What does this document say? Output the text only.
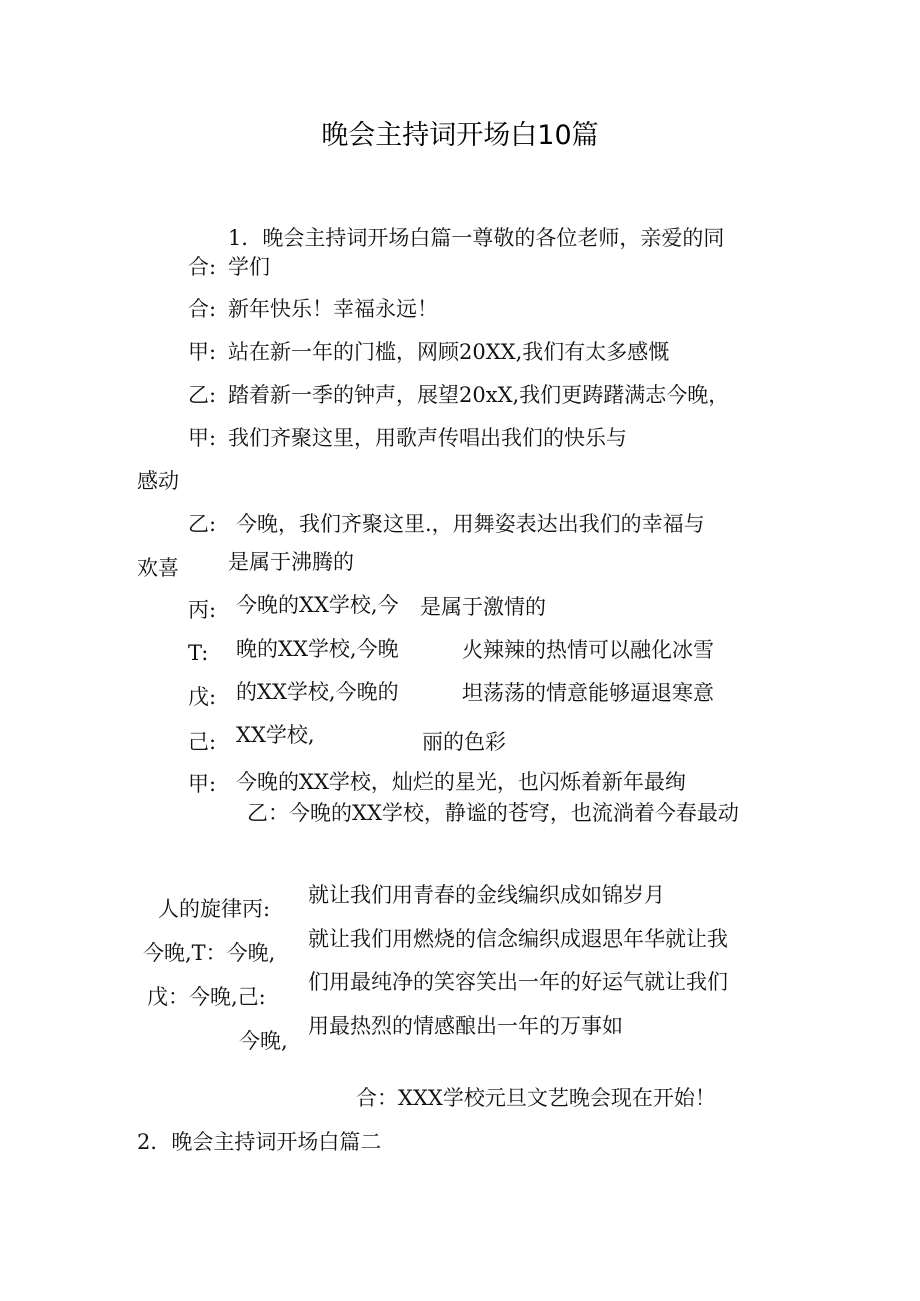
晚会主持词开场白10篇
1．晚会主持词开场白篇一尊敬的各位老师，亲爱的同
合: 学们
合: 新年快乐！幸福永远！
甲: 站在新一年的门槛，网顾20XX,我们有太多感慨
乙: 踏着新一季的钟声，展望20xX,我们更踌躇满志今晚，
甲: 我们齐聚这里，用歌声传唱出我们的快乐与
感动
乙: 今晚，我们齐聚这里.，用舞姿表达出我们的幸福与
欢喜 是属于沸腾的
丙: 今晚的XX学校,今 是属于激情的
T: 晚的XX学校,今晚	火辣辣的热情可以融化冰雪
戊: 的XX学校,今晚的	坦荡荡的情意能够逼退寒意
己: XX学校,	丽的色彩
甲: 今晚的XX学校，灿烂的星光，也闪烁着新年最绚
乙：今晚的XX学校，静谧的苍穹，也流淌着今春最动
人的旋律丙:
今晚,T：今晚,
戊：今晚,己:
今晚,
就让我们用青春的金线编织成如锦岁月
就让我们用燃烧的信念编织成遐思年华就让我
们用最纯净的笑容笑出一年的好运气就让我们
用最热烈的情感酿出一年的万事如
合：XXX学校元旦文艺晚会现在开始！
2．晚会主持词开场白篇二
